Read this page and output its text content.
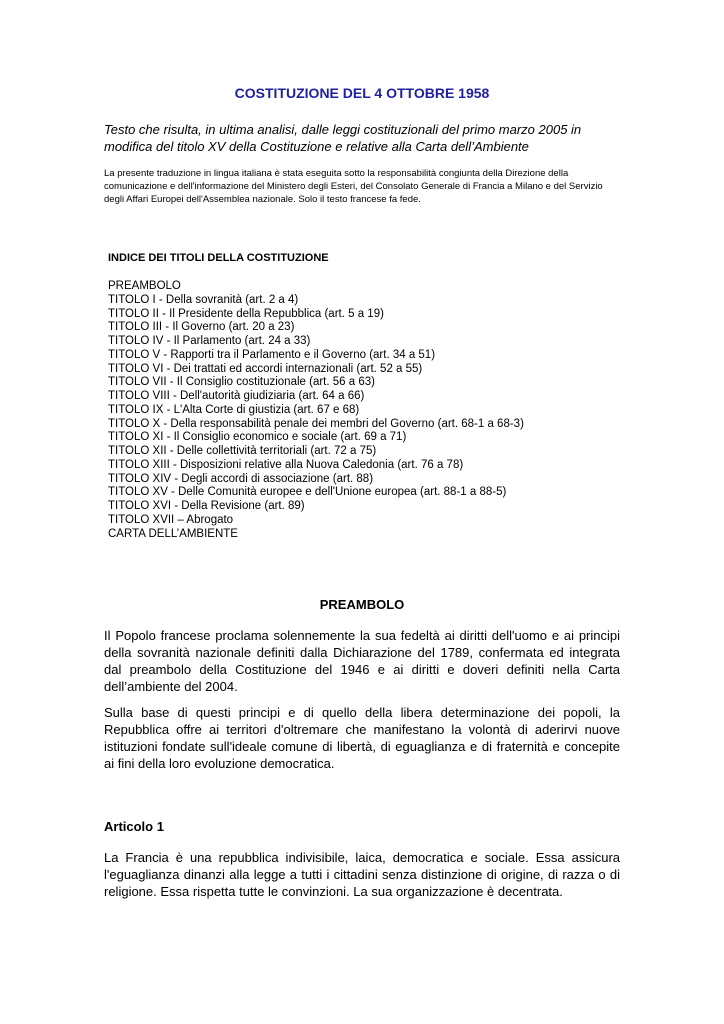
COSTITUZIONE DEL 4 OTTOBRE 1958
Testo che risulta, in ultima analisi, dalle leggi costituzionali del primo marzo 2005 in modifica del titolo XV della Costituzione e relative alla Carta dell’Ambiente
La presente traduzione in lingua italiana è stata eseguita sotto la responsabilità congiunta della Direzione della comunicazione e dell'informazione del Ministero degli Esteri, del Consolato Generale di Francia a Milano e del Servizio degli Affari Europei dell'Assemblea nazionale. Solo il testo francese fa fede.
INDICE DEI TITOLI DELLA COSTITUZIONE
PREAMBOLO
TITOLO I - Della sovranità (art. 2 a 4)
TITOLO II - Il Presidente della Repubblica (art. 5 a 19)
TITOLO III - Il Governo (art. 20 a 23)
TITOLO IV - Il Parlamento (art. 24 a 33)
TITOLO V - Rapporti tra il Parlamento e il Governo (art. 34 a 51)
TITOLO VI - Dei trattati ed accordi internazionali (art. 52 a 55)
TITOLO VII - Il Consiglio costituzionale (art. 56 a 63)
TITOLO VIII - Dell'autorità giudiziaria (art. 64 a 66)
TITOLO IX - L'Alta Corte di giustizia (art. 67 e 68)
TITOLO X - Della responsabilità penale dei membri del Governo (art. 68-1 a 68-3)
TITOLO XI - Il Consiglio economico e sociale (art. 69 a 71)
TITOLO XII - Delle collettività territoriali (art. 72 a 75)
TITOLO XIII - Disposizioni relative alla Nuova Caledonia (art. 76 a 78)
TITOLO XIV - Degli accordi di associazione (art. 88)
TITOLO XV - Delle Comunità europee e dell'Unione europea (art. 88-1 a 88-5)
TITOLO XVI - Della Revisione (art. 89)
TITOLO XVII – Abrogato
CARTA DELL’AMBIENTE
PREAMBOLO

Il Popolo francese proclama solennemente la sua fedeltà ai diritti dell'uomo e ai principi della sovranità nazionale definiti dalla Dichiarazione del 1789, confermata ed integrata dal preambolo della Costituzione del 1946 e ai diritti e doveri definiti nella Carta dell’ambiente del 2004.

Sulla base di questi principi e di quello della libera determinazione dei popoli, la Repubblica offre ai territori d'oltremare che manifestano la volontà di aderirvi nuove istituzioni fondate sull'ideale comune di libertà, di eguaglianza e di fraternità e concepite ai fini della loro evoluzione democratica.

Articolo 1

La Francia è una repubblica indivisibile, laica, democratica e sociale. Essa assicura l'eguaglianza dinanzi alla legge a tutti i cittadini senza distinzione di origine, di razza o di religione. Essa rispetta tutte le convinzioni. La sua organizzazione è decentrata.
